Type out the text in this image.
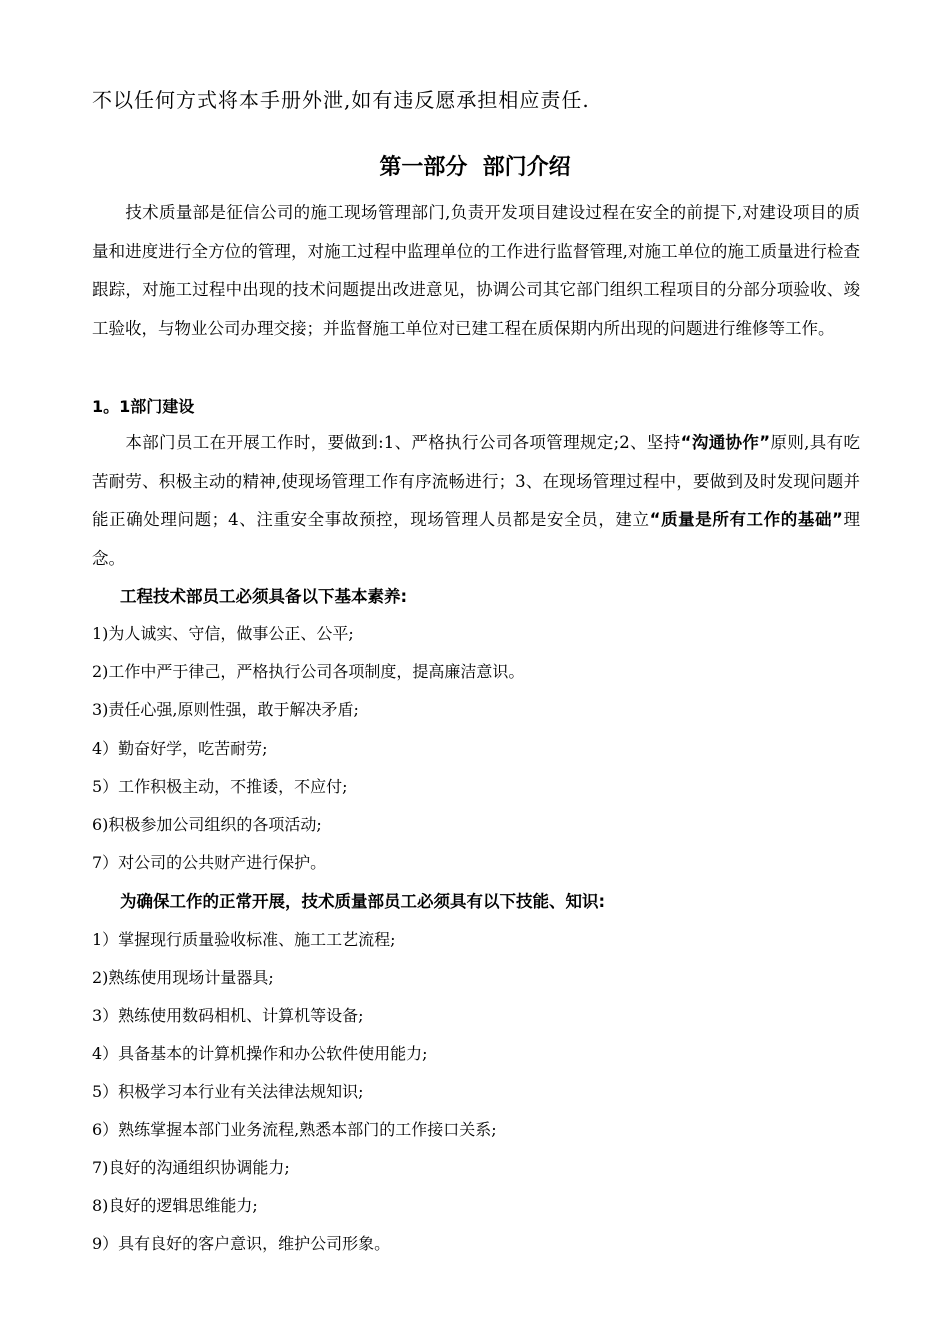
不以任何方式将本手册外泄,如有违反愿承担相应责任.
第一部分  部门介绍
技术质量部是征信公司的施工现场管理部门,负责开发项目建设过程在安全的前提下,对建设项目的质量和进度进行全方位的管理，对施工过程中监理单位的工作进行监督管理,对施工单位的施工质量进行检查跟踪，对施工过程中出现的技术问题提出改进意见，协调公司其它部门组织工程项目的分部分项验收、竣工验收，与物业公司办理交接；并监督施工单位对已建工程在质保期内所出现的问题进行维修等工作。
1。1部门建设
本部门员工在开展工作时，要做到:1、严格执行公司各项管理规定;2、坚持“沟通协作”原则,具有吃苦耐劳、积极主动的精神,使现场管理工作有序流畅进行；3、在现场管理过程中，要做到及时发现问题并能正确处理问题；4、注重安全事故预控，现场管理人员都是安全员，建立“质量是所有工作的基础”理念。
工程技术部员工必须具备以下基本素养:
1)为人诚实、守信，做事公正、公平;
2)工作中严于律己，严格执行公司各项制度，提高廉洁意识。
3)责任心强,原则性强，敢于解决矛盾;
4）勤奋好学，吃苦耐劳;
5）工作积极主动，不推诿，不应付;
6)积极参加公司组织的各项活动;
7）对公司的公共财产进行保护。
为确保工作的正常开展，技术质量部员工必须具有以下技能、知识:
1）掌握现行质量验收标准、施工工艺流程;
2)熟练使用现场计量器具;
3）熟练使用数码相机、计算机等设备;
4）具备基本的计算机操作和办公软件使用能力;
5）积极学习本行业有关法律法规知识;
6）熟练掌握本部门业务流程,熟悉本部门的工作接口关系;
7)良好的沟通组织协调能力;
8)良好的逻辑思维能力;
9）具有良好的客户意识，维护公司形象。
